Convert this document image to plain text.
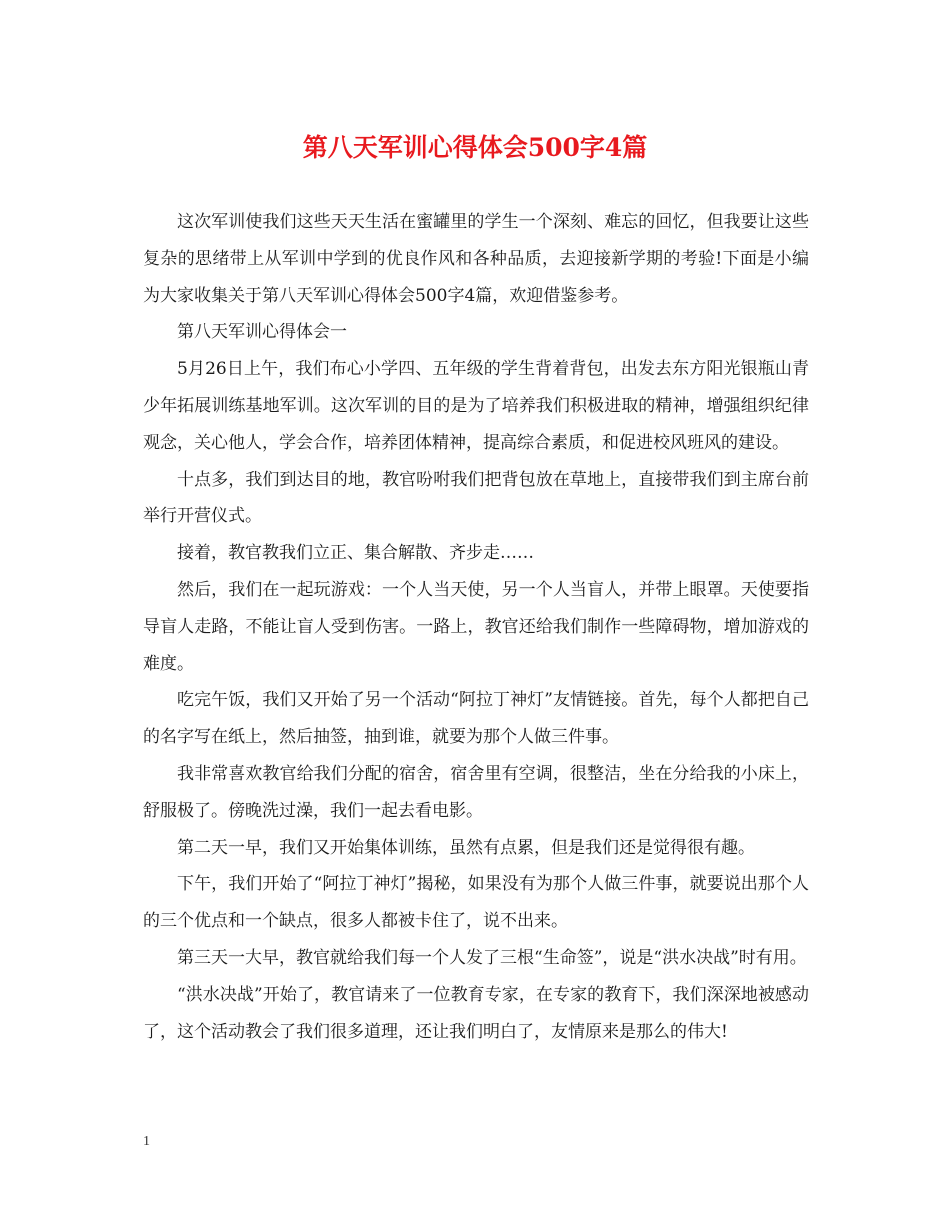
第八天军训心得体会500字4篇

这次军训使我们这些天天生活在蜜罐里的学生一个深刻、难忘的回忆，但我要让这些复杂的思绪带上从军训中学到的优良作风和各种品质，去迎接新学期的考验!下面是小编为大家收集关于第八天军训心得体会500字4篇，欢迎借鉴参考。

第八天军训心得体会一

5月26日上午，我们布心小学四、五年级的学生背着背包，出发去东方阳光银瓶山青少年拓展训练基地军训。这次军训的目的是为了培养我们积极进取的精神，增强组织纪律观念，关心他人，学会合作，培养团体精神，提高综合素质，和促进校风班风的建设。

十点多，我们到达目的地，教官吩咐我们把背包放在草地上，直接带我们到主席台前举行开营仪式。

接着，教官教我们立正、集合解散、齐步走……

然后，我们在一起玩游戏：一个人当天使，另一个人当盲人，并带上眼罩。天使要指导盲人走路，不能让盲人受到伤害。一路上，教官还给我们制作一些障碍物，增加游戏的难度。

吃完午饭，我们又开始了另一个活动“阿拉丁神灯”友情链接。首先，每个人都把自己的名字写在纸上，然后抽签，抽到谁，就要为那个人做三件事。

我非常喜欢教官给我们分配的宿舍，宿舍里有空调，很整洁，坐在分给我的小床上，舒服极了。傍晚洗过澡，我们一起去看电影。

第二天一早，我们又开始集体训练，虽然有点累，但是我们还是觉得很有趣。

下午，我们开始了“阿拉丁神灯”揭秘，如果没有为那个人做三件事，就要说出那个人的三个优点和一个缺点，很多人都被卡住了，说不出来。

第三天一大早，教官就给我们每一个人发了三根“生命签”，说是“洪水决战”时有用。

“洪水决战”开始了，教官请来了一位教育专家，在专家的教育下，我们深深地被感动了，这个活动教会了我们很多道理，还让我们明白了，友情原来是那么的伟大!

1
